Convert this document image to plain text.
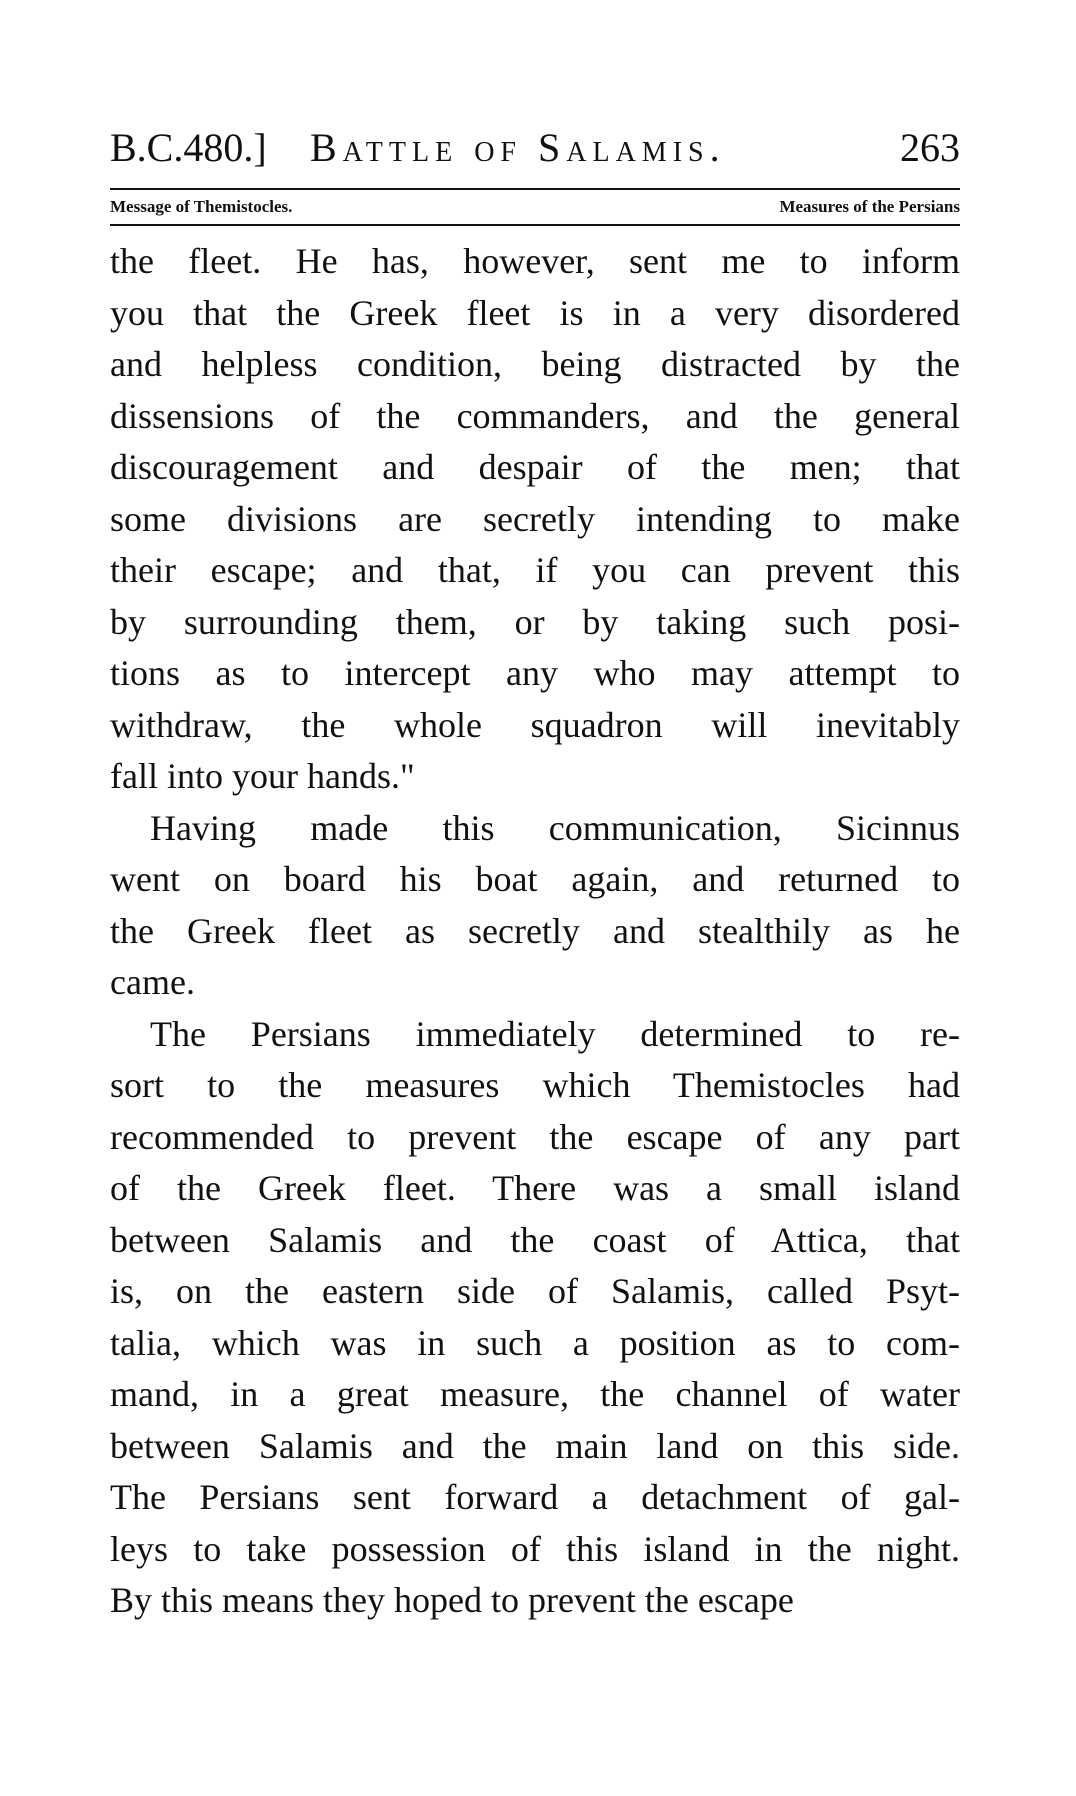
B.C.480.] Battle of Salamis.	263
Message of Themistocles.	Measures of the Persians
the fleet. He has, however, sent me to inform
you that the Greek fleet is in a very disordered
and helpless condition, being distracted by the
dissensions of the commanders, and the general
discouragement and despair of the men; that
some divisions are secretly intending to make
their escape; and that, if you can prevent this
by surrounding them, or by taking such posi-
tions as to intercept any who may attempt to
withdraw, the whole squadron will inevitably
fall into your hands."
Having made this communication, Sicinnus
went on board his boat again, and returned to
the Greek fleet as secretly and stealthily as he
came.
The Persians immediately determined to re-
sort to the measures which Themistocles had
recommended to prevent the escape of any part
of the Greek fleet. There was a small island
between Salamis and the coast of Attica, that
is, on the eastern side of Salamis, called Psyt-
talia, which was in such a position as to com-
mand, in a great measure, the channel of water
between Salamis and the main land on this side.
The Persians sent forward a detachment of gal-
leys to take possession of this island in the night.
By this means they hoped to prevent the escape
